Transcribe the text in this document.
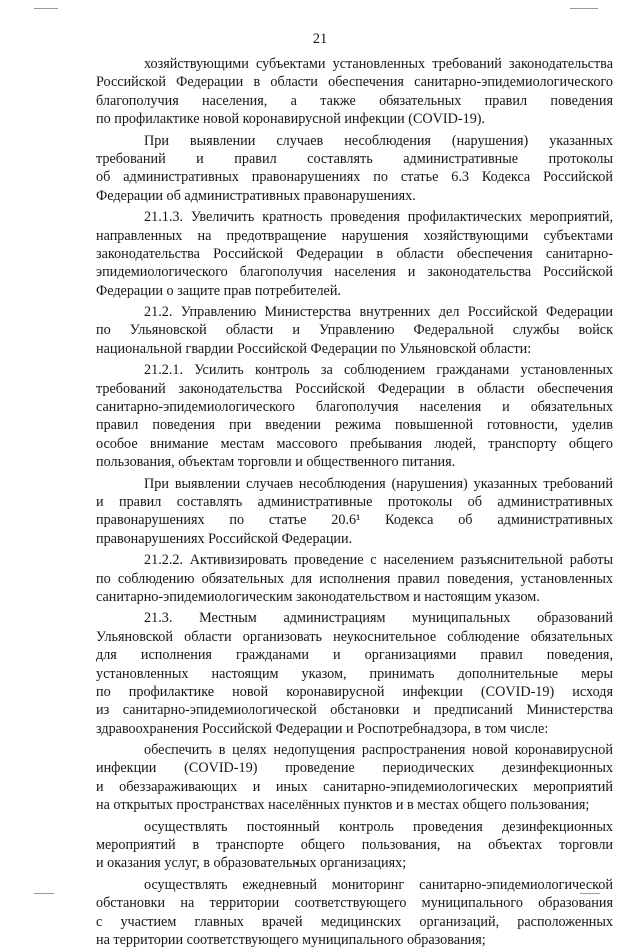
21
хозяйствующими субъектами установленных требований законодательства
Российской Федерации в области обеспечения санитарно-эпидемиологического
благополучия населения, а также обязательных правил поведения
по профилактике новой коронавирусной инфекции (COVID-19).
При выявлении случаев несоблюдения (нарушения) указанных
требований и правил составлять административные протоколы
об административных правонарушениях по статье 6.3 Кодекса Российской
Федерации об административных правонарушениях.
21.1.3. Увеличить кратность проведения профилактических мероприятий,
направленных на предотвращение нарушения хозяйствующими субъектами
законодательства Российской Федерации в области обеспечения санитарно-
эпидемиологического благополучия населения и законодательства Российской
Федерации о защите прав потребителей.
21.2. Управлению Министерства внутренних дел Российской Федерации
по Ульяновской области и Управлению Федеральной службы войск
национальной гвардии Российской Федерации по Ульяновской области:
21.2.1. Усилить контроль за соблюдением гражданами установленных
требований законодательства Российской Федерации в области обеспечения
санитарно-эпидемиологического благополучия населения и обязательных
правил поведения при введении режима повышенной готовности, уделив
особое внимание местам массового пребывания людей, транспорту общего
пользования, объектам торговли и общественного питания.
При выявлении случаев несоблюдения (нарушения) указанных требований
и правил составлять административные протоколы об административных
правонарушениях по статье 20.6¹ Кодекса об административных
правонарушениях Российской Федерации.
21.2.2. Активизировать проведение с населением разъяснительной работы
по соблюдению обязательных для исполнения правил поведения, установленных
санитарно-эпидемиологическим законодательством и настоящим указом.
21.3. Местным администрациям муниципальных образований
Ульяновской области организовать неукоснительное соблюдение обязательных
для исполнения гражданами и организациями правил поведения,
установленных настоящим указом, принимать дополнительные меры
по профилактике новой коронавирусной инфекции (COVID-19) исходя
из санитарно-эпидемиологической обстановки и предписаний Министерства
здравоохранения Российской Федерации и Роспотребнадзора, в том числе:
обеспечить в целях недопущения распространения новой коронавирусной
инфекции (COVID-19) проведение периодических дезинфекционных
и обеззараживающих и иных санитарно-эпидемиологических мероприятий
на открытых пространствах населённых пунктов и в местах общего пользования;
осуществлять постоянный контроль проведения дезинфекционных
мероприятий в транспорте общего пользования, на объектах торговли
и оказания услуг, в образовательных организациях;
осуществлять ежедневный мониторинг санитарно-эпидемиологической
обстановки на территории соответствующего муниципального образования
с участием главных врачей медицинских организаций, расположенных
на территории соответствующего муниципального образования;
